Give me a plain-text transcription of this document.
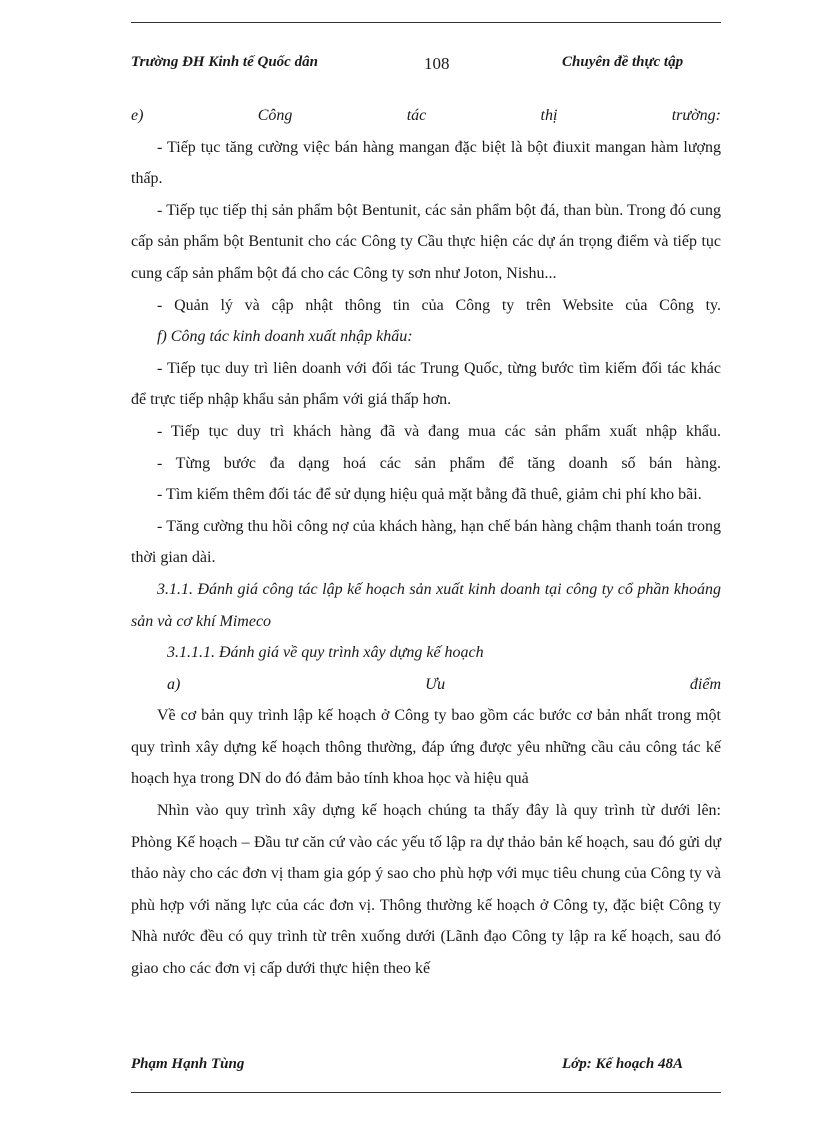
Trường ĐH Kinh tế Quốc dân	108	Chuyên đề thực tập

e) Công tác thị trường:

- Tiếp tục tăng cường việc bán hàng mangan đặc biệt là bột điuxit mangan hàm lượng thấp.

- Tiếp tục tiếp thị sản phẩm bột Bentunit, các sản phẩm bột đá, than bùn. Trong đó cung cấp sản phẩm bột Bentunit cho các Công ty Cầu thực hiện các dự án trọng điểm và tiếp tục cung cấp sản phẩm bột đá cho các Công ty sơn như Joton, Nishu...

- Quản lý và cập nhật thông tin của Công ty trên Website của Công ty.

f) Công tác kinh doanh xuất nhập khẩu:

- Tiếp tục duy trì liên doanh với đối tác Trung Quốc, từng bước tìm kiếm đối tác khác để trực tiếp nhập khẩu sản phẩm với giá thấp hơn.

- Tiếp tục duy trì khách hàng đã và đang mua các sản phẩm xuất nhập khẩu.

- Từng bước đa dạng hoá các sản phẩm để tăng doanh số bán hàng.

- Tìm kiếm thêm đối tác để sử dụng hiệu quả mặt bằng đã thuê, giảm chi phí kho bãi.

- Tăng cường thu hồi công nợ của khách hàng, hạn chế bán hàng chậm thanh toán trong thời gian dài.

3.1.1. Đánh giá công tác lập kế hoạch sản xuất kinh doanh tại công ty cổ phần khoáng sản và cơ khí Mimeco

3.1.1.1. Đánh giá về quy trình xây dựng kế hoạch

a) Ưu điểm

Về cơ bản quy trình lập kế hoạch ở Công ty bao gồm các bước cơ bản nhất trong một quy trình xây dựng kế hoạch thông thường, đáp ứng được yêu những cầu cảu công tác kế hoạch hỵa trong DN do đó đảm bảo tính khoa học và hiệu quả

Nhìn vào quy trình xây dựng kế hoạch chúng ta thấy đây là quy trình từ dưới lên: Phòng Kế hoạch – Đầu tư căn cứ vào các yếu tố lập ra dự thảo bản kế hoạch, sau đó gửi dự thảo này cho các đơn vị tham gia góp ý sao cho phù hợp với mục tiêu chung của Công ty và phù hợp với năng lực của các đơn vị. Thông thường kế hoạch ở Công ty, đặc biệt Công ty Nhà nước đều có quy trình từ trên xuống dưới (Lãnh đạo Công ty lập ra kế hoạch, sau đó giao cho các đơn vị cấp dưới thực hiện theo kế

Phạm Hạnh Tùng	Lớp: Kế hoạch 48A
